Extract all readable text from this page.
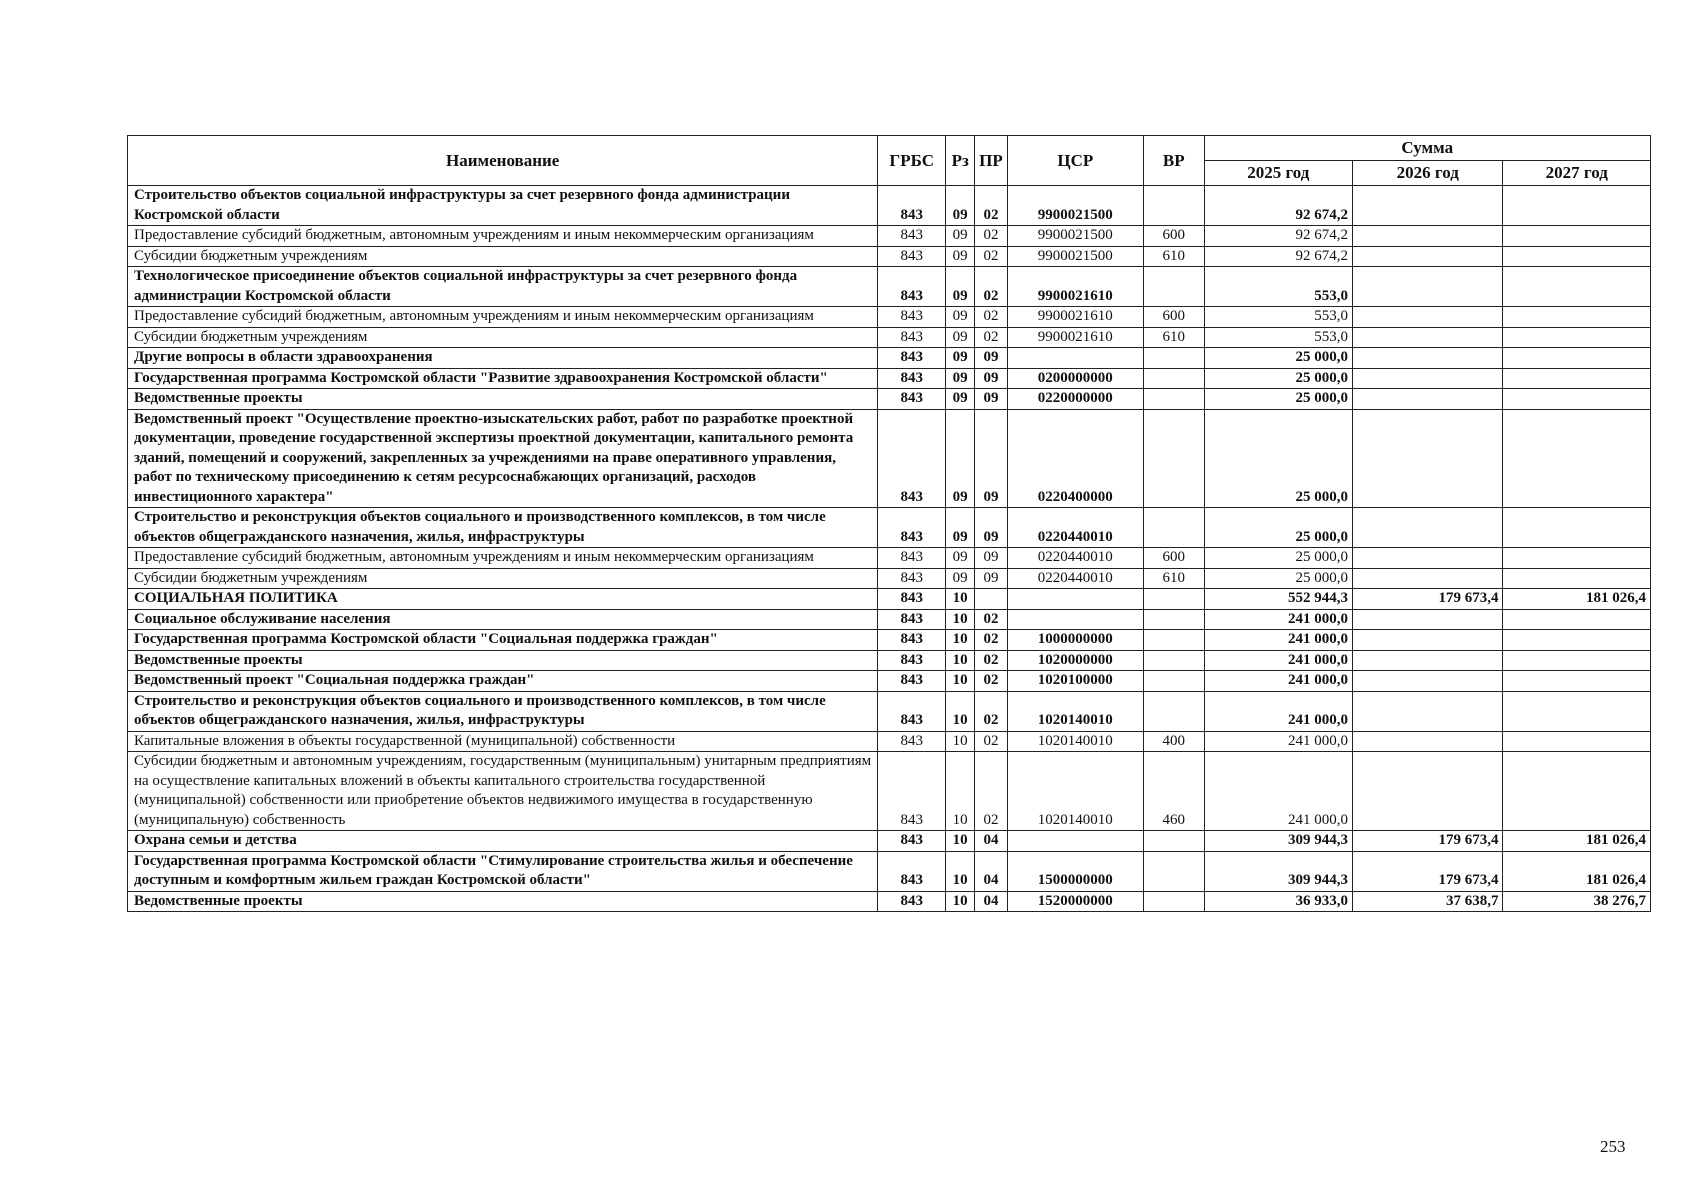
Наименование	ГРБС	Рз	ПР	ЦСР	ВР	Сумма		
						2025 год	2026 год	2027 год
Строительство объектов социальной инфраструктуры за счет резервного фонда администрации Костромской области	843	09	02	9900021500		92 674,2		
Предоставление субсидий бюджетным, автономным учреждениям и иным некоммерческим организациям	843	09	02	9900021500	600	92 674,2		
Субсидии бюджетным учреждениям	843	09	02	9900021500	610	92 674,2		
Технологическое присоединение объектов социальной инфраструктуры за счет резервного фонда администрации Костромской области	843	09	02	9900021610		553,0		
Предоставление субсидий бюджетным, автономным учреждениям и иным некоммерческим организациям	843	09	02	9900021610	600	553,0		
Субсидии бюджетным учреждениям	843	09	02	9900021610	610	553,0		
Другие вопросы в области здравоохранения	843	09	09			25 000,0		
Государственная программа Костромской области "Развитие здравоохранения Костромской области"	843	09	09	0200000000		25 000,0		
Ведомственные проекты	843	09	09	0220000000		25 000,0		
Ведомственный проект "Осуществление проектно-изыскательских работ, работ по разработке проектной документации, проведение государственной экспертизы проектной документации, капитального ремонта зданий, помещений и сооружений, закрепленных за учреждениями на праве оперативного управления, работ по техническому присоединению к сетям ресурсоснабжающих организаций, расходов инвестиционного характера"	843	09	09	0220400000		25 000,0		
Строительство и реконструкция объектов социального и производственного комплексов, в том числе объектов общегражданского назначения, жилья, инфраструктуры	843	09	09	0220440010		25 000,0		
Предоставление субсидий бюджетным, автономным учреждениям и иным некоммерческим организациям	843	09	09	0220440010	600	25 000,0		
Субсидии бюджетным учреждениям	843	09	09	0220440010	610	25 000,0		
СОЦИАЛЬНАЯ ПОЛИТИКА	843	10				552 944,3	179 673,4	181 026,4
Социальное обслуживание населения	843	10	02			241 000,0		
Государственная программа Костромской области "Социальная поддержка граждан"	843	10	02	1000000000		241 000,0		
Ведомственные проекты	843	10	02	1020000000		241 000,0		
Ведомственный проект "Социальная поддержка граждан"	843	10	02	1020100000		241 000,0		
Строительство и реконструкция объектов социального и производственного комплексов, в том числе объектов общегражданского назначения, жилья, инфраструктуры	843	10	02	1020140010		241 000,0		
Капитальные вложения в объекты государственной (муниципальной) собственности	843	10	02	1020140010	400	241 000,0		
Субсидии бюджетным и автономным учреждениям, государственным (муниципальным) унитарным предприятиям на осуществление капитальных вложений в объекты капитального строительства государственной (муниципальной) собственности или приобретение объектов недвижимого имущества в государственную (муниципальную) собственность	843	10	02	1020140010	460	241 000,0		
Охрана семьи и детства	843	10	04			309 944,3	179 673,4	181 026,4
Государственная программа Костромской области "Стимулирование строительства жилья и обеспечение доступным и комфортным жильем граждан Костромской области"	843	10	04	1500000000		309 944,3	179 673,4	181 026,4
Ведомственные проекты	843	10	04	1520000000		36 933,0	37 638,7	38 276,7
253
